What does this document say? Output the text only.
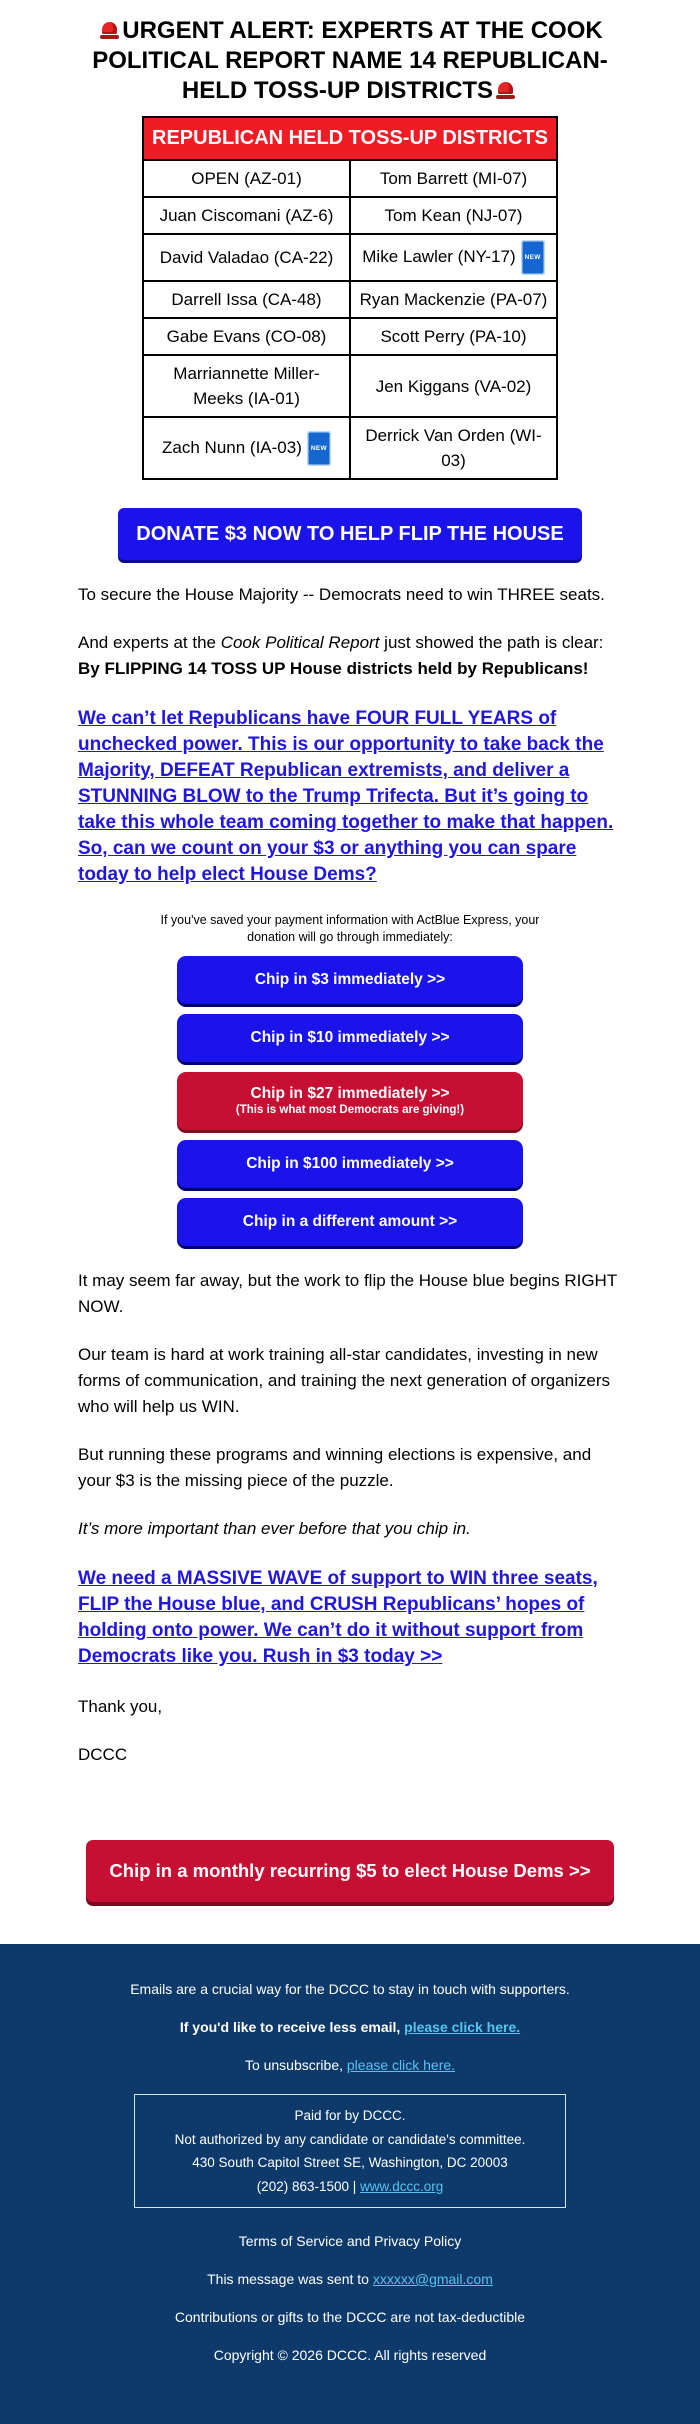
URGENT ALERT: EXPERTS AT THE COOK POLITICAL REPORT NAME 14 REPUBLICAN-HELD TOSS-UP DISTRICTS
REPUBLICAN HELD TOSS-UP DISTRICTS	
OPEN (AZ-01)	Tom Barrett (MI-07)
Juan Ciscomani (AZ-6)	Tom Kean (NJ-07)
David Valadao (CA-22)	Mike Lawler (NY-17) NEW
Darrell Issa (CA-48)	Ryan Mackenzie (PA-07)
Gabe Evans (CO-08)	Scott Perry (PA-10)
Marriannette Miller-Meeks (IA-01)	Jen Kiggans (VA-02)
Zach Nunn (IA-03) NEW	Derrick Van Orden (WI-03)
DONATE $3 NOW TO HELP FLIP THE HOUSE

To secure the House Majority -- Democrats need to win THREE seats.

And experts at the Cook Political Report just showed the path is clear: By FLIPPING 14 TOSS UP House districts held by Republicans!

We can’t let Republicans have FOUR FULL YEARS of unchecked power. This is our opportunity to take back the Majority, DEFEAT Republican extremists, and deliver a STUNNING BLOW to the Trump Trifecta. But it’s going to take this whole team coming together to make that happen. So, can we count on your $3 or anything you can spare today to help elect House Dems?
If you've saved your payment information with ActBlue Express, your donation will go through immediately:
Chip in $3 immediately >>
Chip in $10 immediately >>
Chip in $27 immediately >>
(This is what most Democrats are giving!)
Chip in $100 immediately >>
Chip in a different amount >>

It may seem far away, but the work to flip the House blue begins RIGHT NOW.

Our team is hard at work training all-star candidates, investing in new forms of communication, and training the next generation of organizers who will help us WIN.

But running these programs and winning elections is expensive, and your $3 is the missing piece of the puzzle.

It’s more important than ever before that you chip in.

We need a MASSIVE WAVE of support to WIN three seats, FLIP the House blue, and CRUSH Republicans’ hopes of holding onto power. We can’t do it without support from Democrats like you. Rush in $3 today >>

Thank you,

DCCC

Chip in a monthly recurring $5 to elect House Dems >>
Emails are a crucial way for the DCCC to stay in touch with supporters.
If you'd like to receive less email, please click here.
To unsubscribe, please click here.
Paid for by DCCC.
Not authorized by any candidate or candidate's committee.
430 South Capitol Street SE, Washington, DC 20003
(202) 863-1500 | www.dccc.org
Terms of Service and Privacy Policy
This message was sent to xxxxxx@gmail.com
Contributions or gifts to the DCCC are not tax-deductible
Copyright © 2026 DCCC. All rights reserved
